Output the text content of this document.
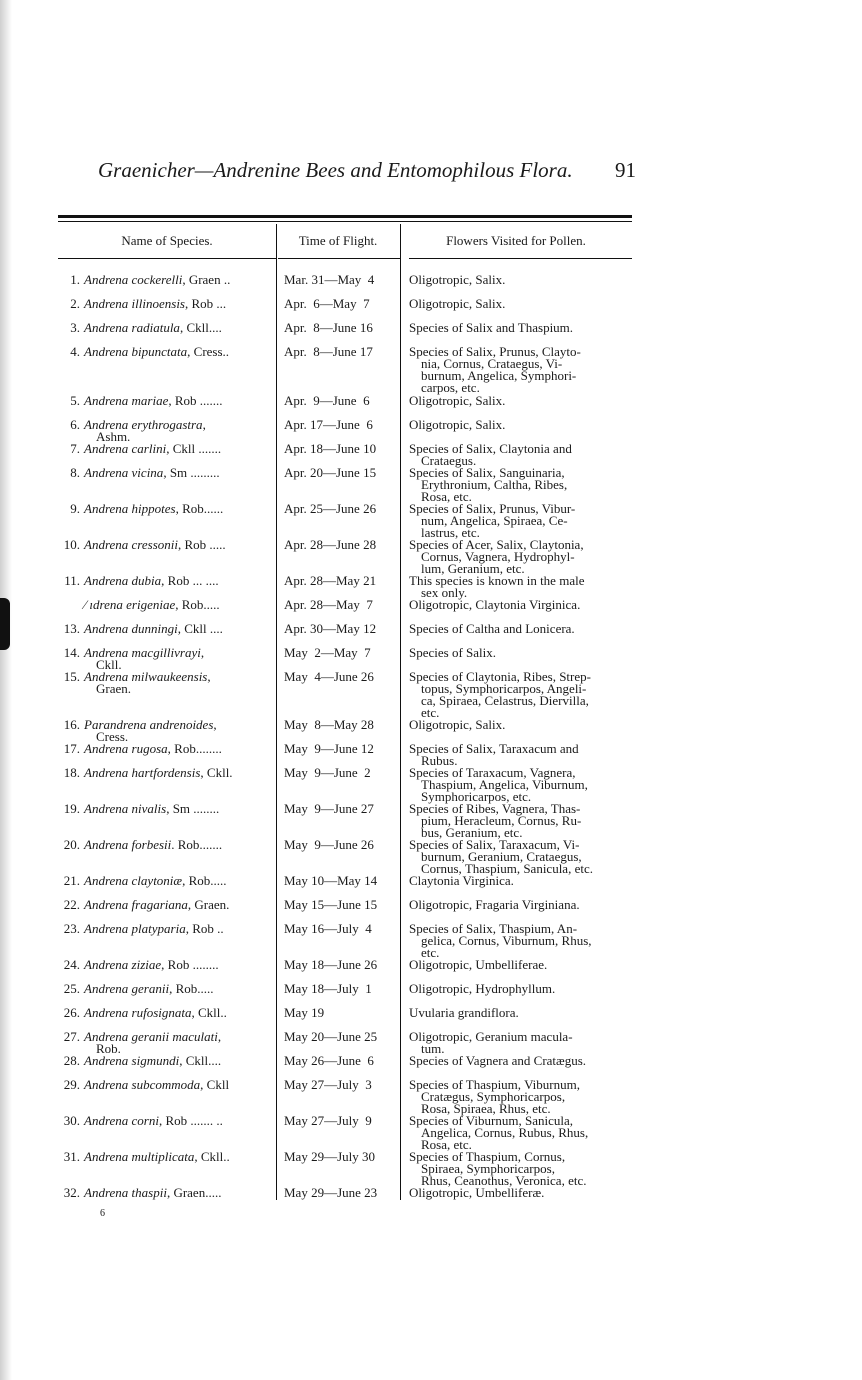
Graenicher—Andrenine Bees and Entomophilous Flora. 91
Name of Species.	Time of Flight.	Flowers Visited for Pollen.
1. Andrena cockerelli, Graen ..	Mar. 31—May  4	Oligotropic, Salix.
2. Andrena illinoensis, Rob ...	Apr.  6—May  7	Oligotropic, Salix.
3. Andrena radiatula, Ckll....	Apr.  8—June 16	Species of Salix and Thaspium.
4. Andrena bipunctata, Cress..	Apr.  8—June 17	Species of Salix, Prunus, Clayto-
nia, Cornus, Crataegus, Vi-
burnum, Angelica, Symphori-
carpos, etc.
5. Andrena mariae, Rob .......	Apr.  9—June  6	Oligotropic, Salix.
6. Andrena erythrogastra,
Ashm.
Apr. 17—June  6	Oligotropic, Salix.
7. Andrena carlini, Ckll .......	Apr. 18—June 10	Species of Salix, Claytonia and
Crataegus.
8. Andrena vicina, Sm .........	Apr. 20—June 15	Species of Salix, Sanguinaria,
Erythronium, Caltha, Ribes,
Rosa, etc.
9. Andrena hippotes, Rob......	Apr. 25—June 26	Species of Salix, Prunus, Vibur-
num, Angelica, Spiraea, Ce-
lastrus, etc.
10. Andrena cressonii, Rob .....	Apr. 28—June 28	Species of Acer, Salix, Claytonia,
Cornus, Vagnera, Hydrophyl-
lum, Geranium, etc.
11. Andrena dubia, Rob ... ....	Apr. 28—May 21	This species is known in the male
sex only.
⁄ ıdrena erigeniae, Rob.....	Apr. 28—May  7	Oligotropic, Claytonia Virginica.
13. Andrena dunningi, Ckll ....	Apr. 30—May 12	Species of Caltha and Lonicera.
14. Andrena macgillivrayi,
Ckll.
May  2—May  7	Species of Salix.
15. Andrena milwaukeensis,
Graen.
May  4—June 26	Species of Claytonia, Ribes, Strep-
topus, Symphoricarpos, Angeli-
ca, Spiraea, Celastrus, Diervilla,
etc.
16. Parandrena andrenoides,
Cress.
May  8—May 28	Oligotropic, Salix.
17. Andrena rugosa, Rob........	May  9—June 12	Species of Salix, Taraxacum and
Rubus.
18. Andrena hartfordensis, Ckll.	May  9—June  2	Species of Taraxacum, Vagnera,
Thaspium, Angelica, Viburnum,
Symphoricarpos, etc.
19. Andrena nivalis, Sm ........	May  9—June 27	Species of Ribes, Vagnera, Thas-
pium, Heracleum, Cornus, Ru-
bus, Geranium, etc.
20. Andrena forbesii. Rob.......	May  9—June 26	Species of Salix, Taraxacum, Vi-
burnum, Geranium, Crataegus,
Cornus, Thaspium, Sanicula, etc.
21. Andrena claytoniæ, Rob.....	May 10—May 14	Claytonia Virginica.
22. Andrena fragariana, Graen.	May 15—June 15	Oligotropic, Fragaria Virginiana.
23. Andrena platyparia, Rob ..	May 16—July  4	Species of Salix, Thaspium, An-
gelica, Cornus, Viburnum, Rhus,
etc.
24. Andrena ziziae, Rob ........	May 18—June 26	Oligotropic, Umbelliferae.
25. Andrena geranii, Rob.....	May 18—July  1	Oligotropic, Hydrophyllum.
26. Andrena rufosignata, Ckll..	May 19	Uvularia grandiflora.
27. Andrena geranii maculati,
Rob.
May 20—June 25	Oligotropic, Geranium macula-
tum.
28. Andrena sigmundi, Ckll....	May 26—June  6	Species of Vagnera and Cratægus.
29. Andrena subcommoda, Ckll	May 27—July  3	Species of Thaspium, Viburnum,
Cratægus, Symphoricarpos,
Rosa, Spiraea, Rhus, etc.
30. Andrena corni, Rob ....... ..	May 27—July  9	Species of Viburnum, Sanicula,
Angelica, Cornus, Rubus, Rhus,
Rosa, etc.
31. Andrena multiplicata, Ckll..	May 29—July 30	Species of Thaspium, Cornus,
Spiraea, Symphoricarpos,
Rhus, Ceanothus, Veronica, etc.
32. Andrena thaspii, Graen.....	May 29—June 23	Oligotropic, Umbelliferæ.
6
